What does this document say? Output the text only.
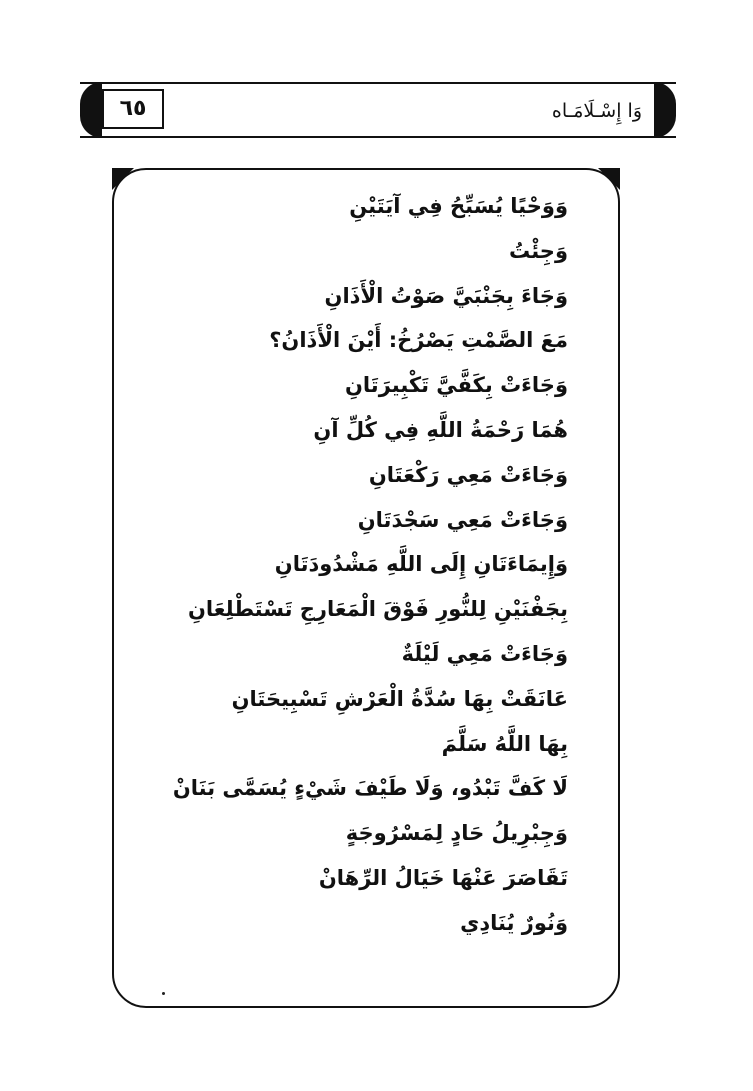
٦٥	وَا إِسْـلَامَـاه
وَوَحْيًا يُسَبِّحُ فِي آيَتَيْنِ
وَجِئْتُ
وَجَاءَ بِجَنْبَيَّ صَوْتُ الْأَذَانِ
مَعَ الصَّمْتِ يَصْرُخُ: أَيْنَ الْأَذَانُ؟
وَجَاءَتْ بِكَفَّيَّ تَكْبِيرَتَانِ
هُمَا رَحْمَةُ اللَّهِ فِي كُلِّ آنِ
وَجَاءَتْ مَعِي رَكْعَتَانِ
وَجَاءَتْ مَعِي سَجْدَتَانِ
وَإِيمَاءَتَانِ إِلَى اللَّهِ مَشْدُودَتَانِ
بِجَفْنَيْنِ لِلنُّورِ فَوْقَ الْمَعَارِجِ تَسْتَطْلِعَانِ
وَجَاءَتْ مَعِي لَيْلَةٌ
عَانَقَتْ بِهَا سُدَّةُ الْعَرْشِ تَسْبِيحَتَانِ
بِهَا اللَّهُ سَلَّمَ
لَا كَفَّ تَبْدُو، وَلَا طَيْفَ شَيْءٍ يُسَمَّى بَنَانْ
وَجِبْرِيلُ حَادٍ لِمَسْرُوجَةٍ
تَقَاصَرَ عَنْهَا خَيَالُ الرِّهَانْ
وَنُورٌ يُنَادِي
